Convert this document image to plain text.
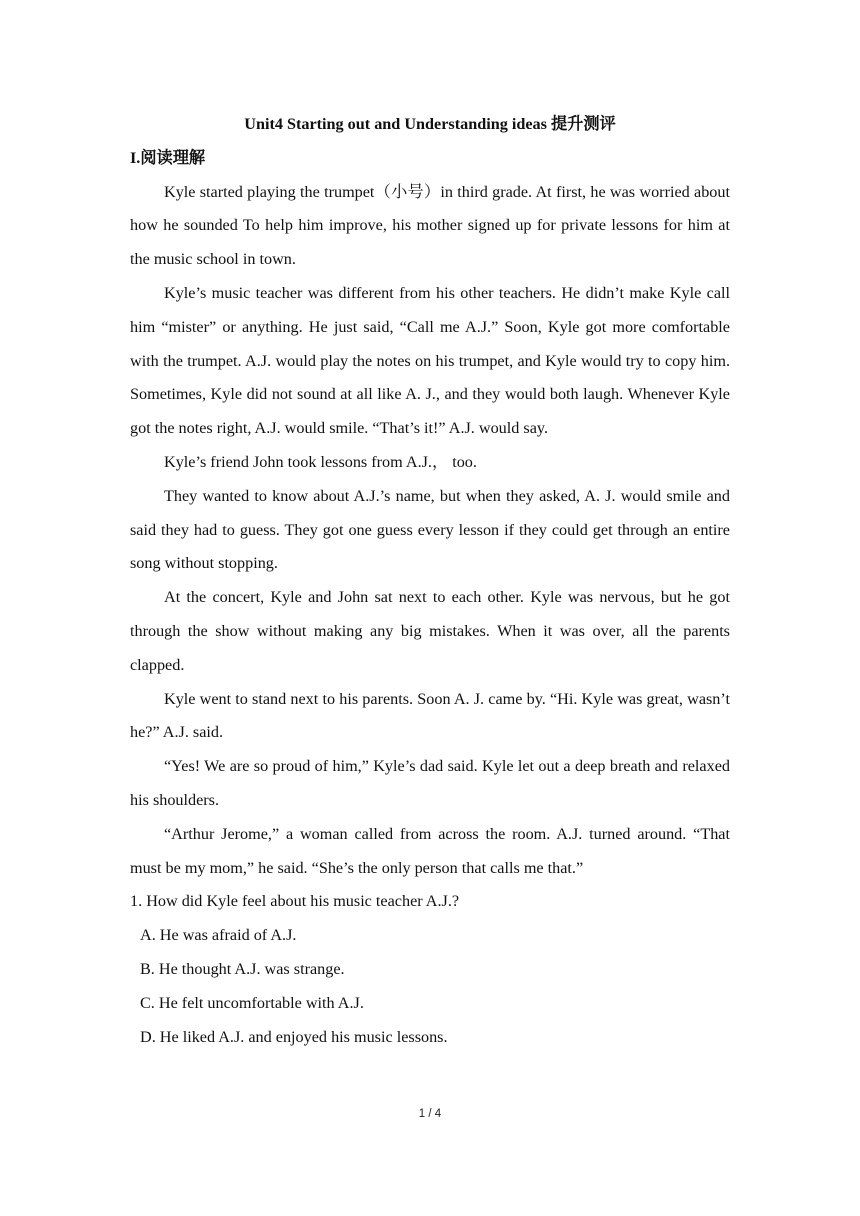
Unit4 Starting out and Understanding ideas 提升测评

I.阅读理解

Kyle started playing the trumpet（小号）in third grade. At first, he was worried about how he sounded To help him improve, his mother signed up for private lessons for him at the music school in town.

Kyle’s music teacher was different from his other teachers. He didn’t make Kyle call him “mister” or anything. He just said, “Call me A.J.” Soon, Kyle got more comfortable with the trumpet. A.J. would play the notes on his trumpet, and Kyle would try to copy him. Sometimes, Kyle did not sound at all like A. J., and they would both laugh. Whenever Kyle got the notes right, A.J. would smile. “That’s it!” A.J. would say.

Kyle’s friend John took lessons from A.J.， too.

They wanted to know about A.J.’s name, but when they asked, A. J. would smile and said they had to guess. They got one guess every lesson if they could get through an entire song without stopping.

At the concert, Kyle and John sat next to each other. Kyle was nervous, but he got through the show without making any big mistakes. When it was over, all the parents clapped.

Kyle went to stand next to his parents. Soon A. J. came by. “Hi. Kyle was great, wasn’t he?” A.J. said.

“Yes! We are so proud of him,” Kyle’s dad said. Kyle let out a deep breath and relaxed his shoulders.

“Arthur Jerome,” a woman called from across the room. A.J. turned around. “That must be my mom,” he said. “She’s the only person that calls me that.”

1. How did Kyle feel about his music teacher A.J.?

A. He was afraid of A.J.

B. He thought A.J. was strange.

C. He felt uncomfortable with A.J.

D. He liked A.J. and enjoyed his music lessons.

1 / 4
